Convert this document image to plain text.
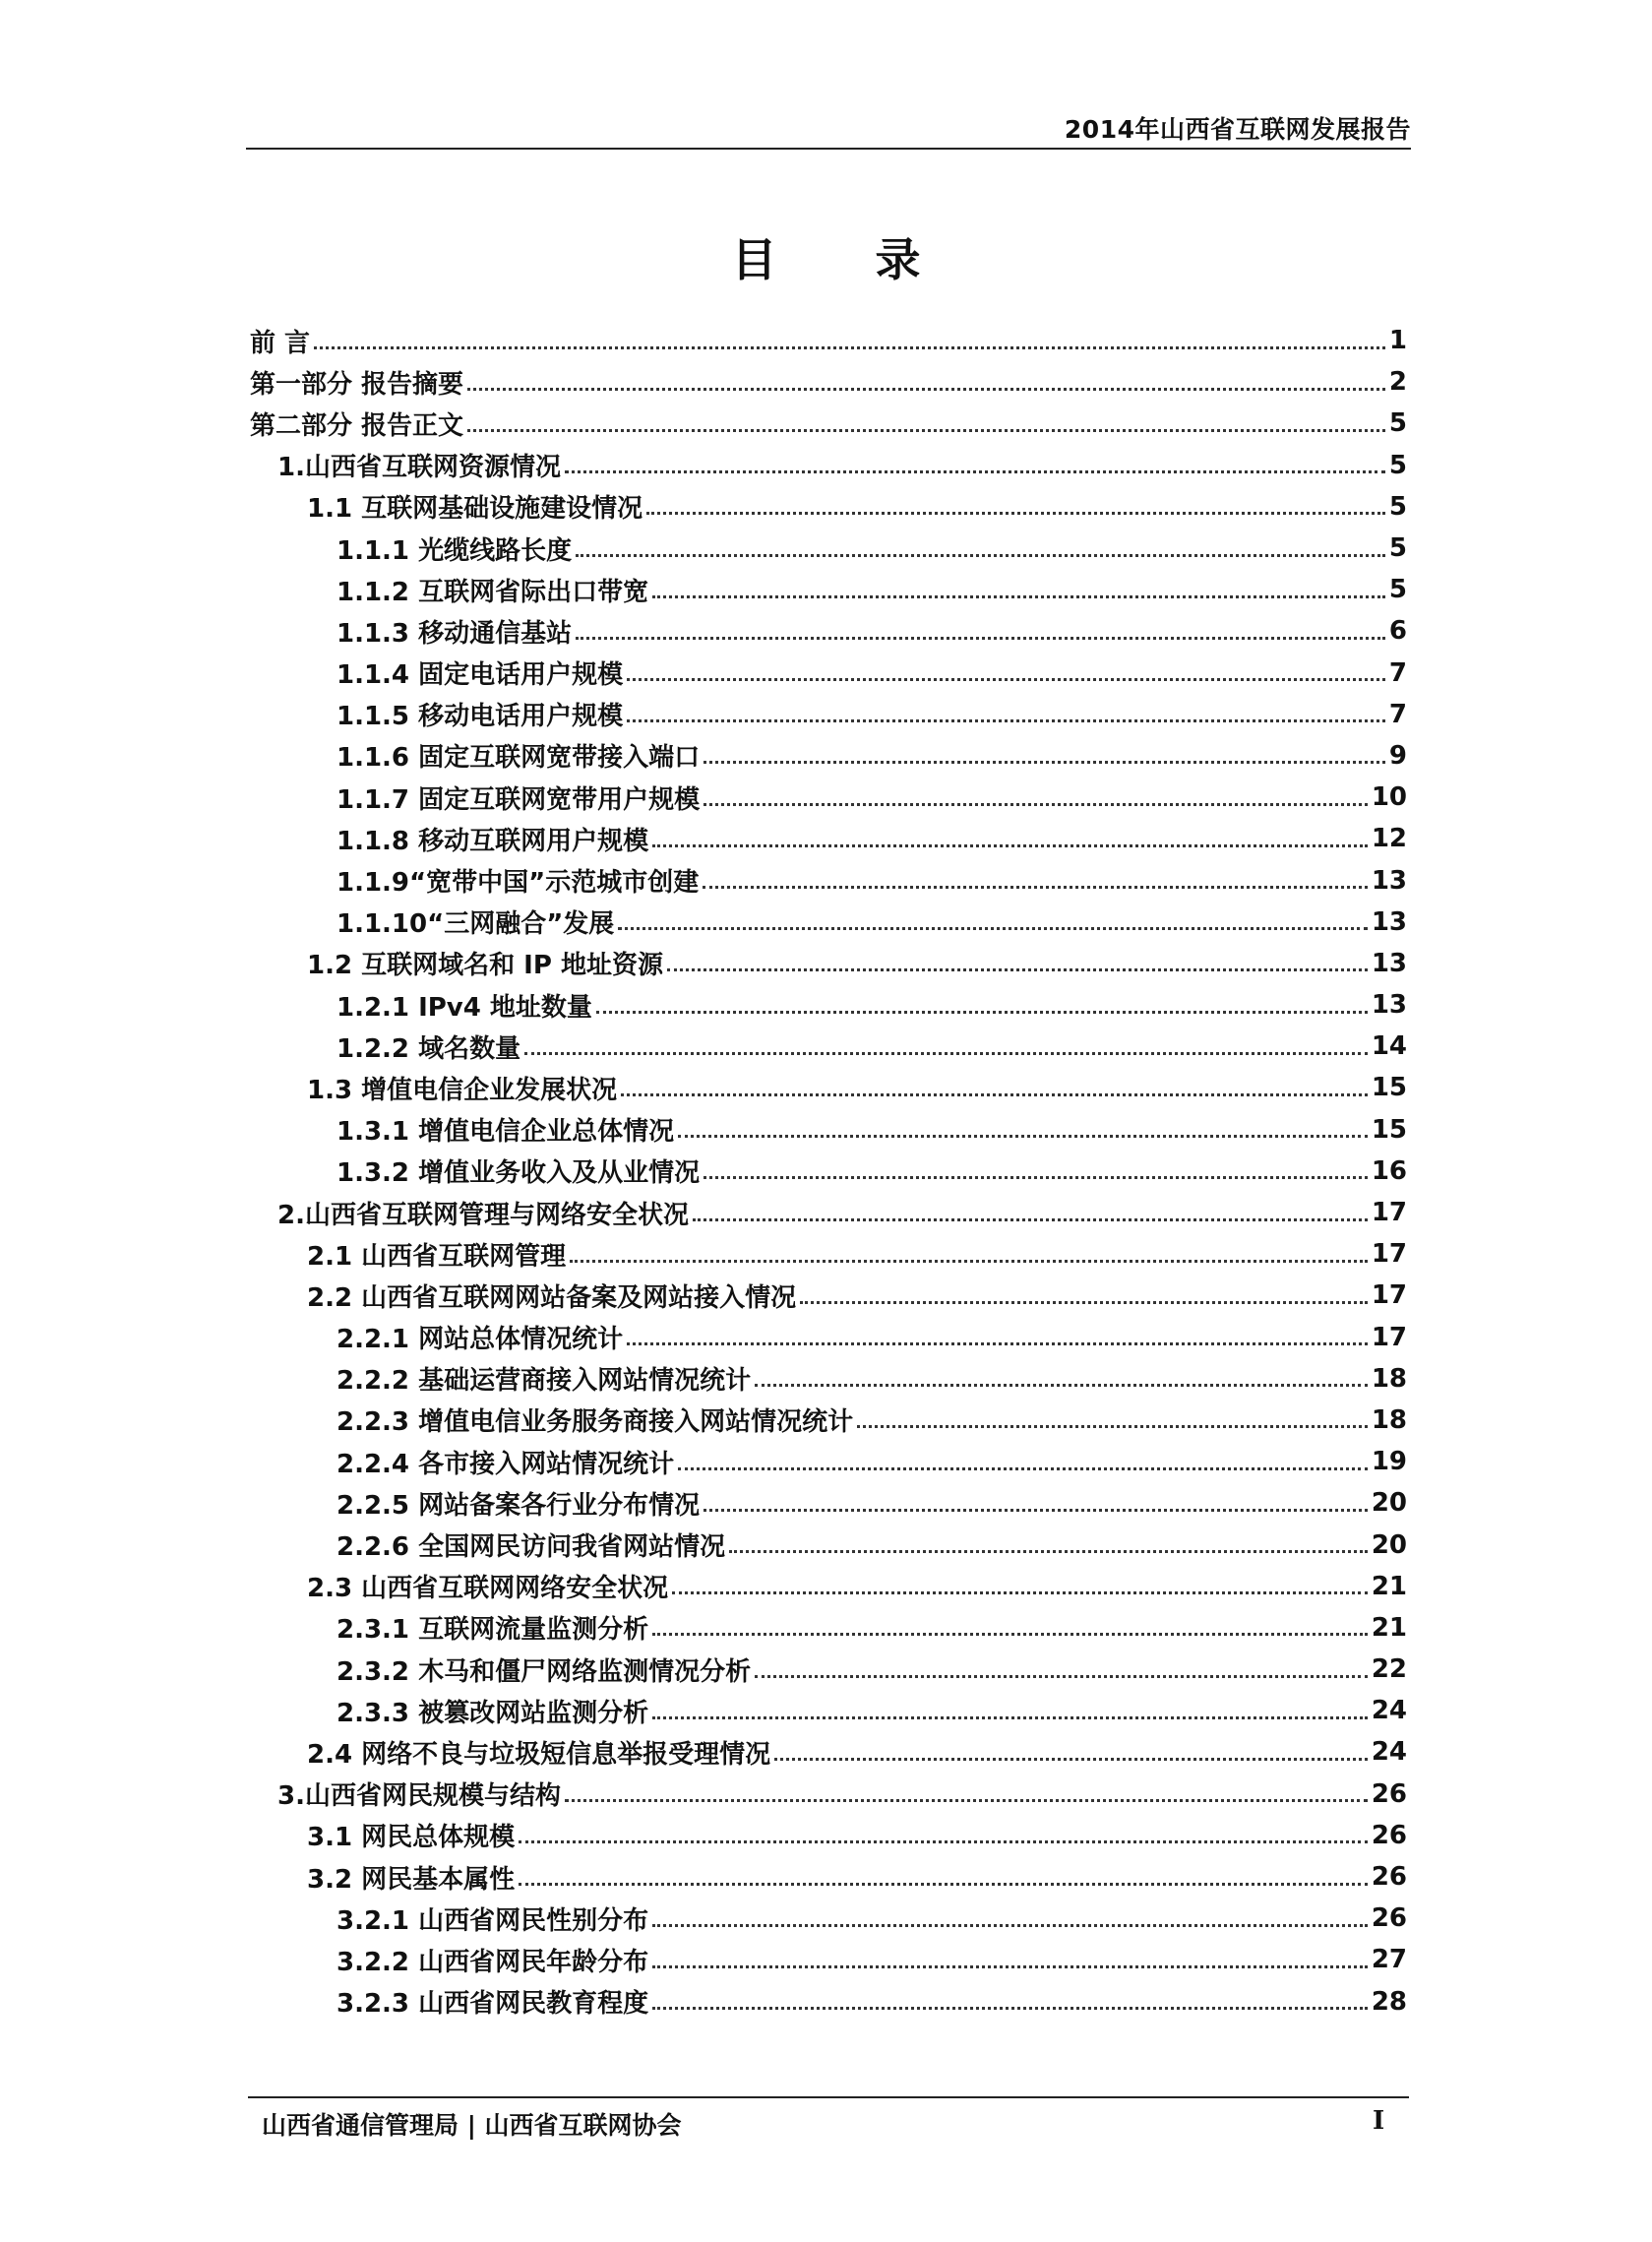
2014年山西省互联网发展报告
目录
前 言	1
第一部分 报告摘要	2
第二部分 报告正文	5
1.山西省互联网资源情况	5
1.1 互联网基础设施建设情况	5
1.1.1 光缆线路长度	5
1.1.2 互联网省际出口带宽	5
1.1.3 移动通信基站	6
1.1.4 固定电话用户规模	7
1.1.5 移动电话用户规模	7
1.1.6 固定互联网宽带接入端口	9
1.1.7 固定互联网宽带用户规模	10
1.1.8 移动互联网用户规模	12
1.1.9“宽带中国”示范城市创建	13
1.1.10“三网融合”发展	13
1.2 互联网域名和 IP 地址资源	13
1.2.1 IPv4 地址数量	13
1.2.2 域名数量	14
1.3 增值电信企业发展状况	15
1.3.1 增值电信企业总体情况	15
1.3.2 增值业务收入及从业情况	16
2.山西省互联网管理与网络安全状况	17
2.1 山西省互联网管理	17
2.2 山西省互联网网站备案及网站接入情况	17
2.2.1 网站总体情况统计	17
2.2.2 基础运营商接入网站情况统计	18
2.2.3 增值电信业务服务商接入网站情况统计	18
2.2.4 各市接入网站情况统计	19
2.2.5 网站备案各行业分布情况	20
2.2.6 全国网民访问我省网站情况	20
2.3 山西省互联网网络安全状况	21
2.3.1 互联网流量监测分析	21
2.3.2 木马和僵尸网络监测情况分析	22
2.3.3 被篡改网站监测分析	24
2.4 网络不良与垃圾短信息举报受理情况	24
3.山西省网民规模与结构	26
3.1 网民总体规模	26
3.2 网民基本属性	26
3.2.1 山西省网民性别分布	26
3.2.2 山西省网民年龄分布	27
3.2.3 山西省网民教育程度	28
山西省通信管理局 | 山西省互联网协会	I
